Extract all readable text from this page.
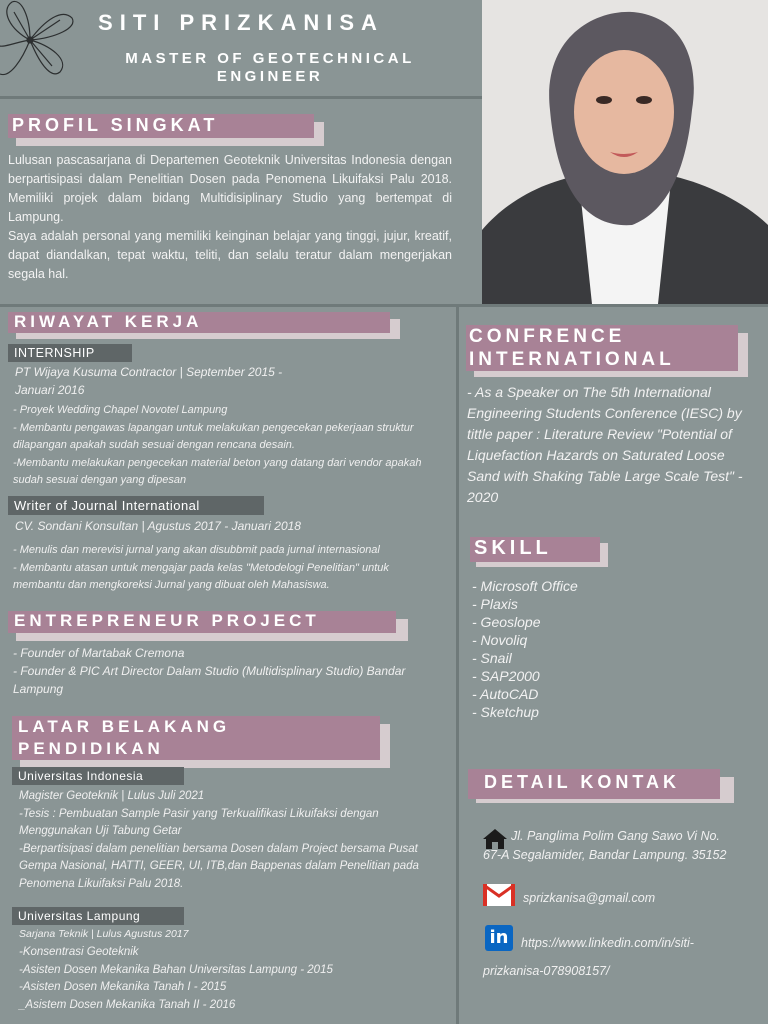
SITI PRIZKANISA
MASTER OF GEOTECHNICAL ENGINEER
PROFIL SINGKAT

Lulusan pascasarjana di Departemen Geoteknik Universitas Indonesia dengan berpartisipasi dalam Penelitian Dosen pada Penomena Likuifaksi Palu 2018. Memiliki projek dalam bidang Multidisiplinary Studio yang bertempat di Lampung.

Saya adalah personal yang memiliki keinginan belajar yang tinggi, jujur, kreatif, dapat diandalkan, tepat waktu, teliti, dan selalu teratur dalam mengerjakan segala hal.

RIWAYAT KERJA
INTERNSHIP
PT Wijaya Kusuma Contractor | September 2015 - Januari 2016
- Proyek Wedding Chapel Novotel Lampung
- Membantu pengawas lapangan untuk melakukan pengecekan pekerjaan struktur dilapangan apakah sudah sesuai dengan rencana desain.
-Membantu melakukan pengecekan material beton yang datang dari vendor apakah sudah sesuai dengan yang dipesan
Writer of Journal International
CV. Sondani Konsultan | Agustus 2017 - Januari 2018
- Menulis dan merevisi jurnal yang akan disubbmit pada jurnal internasional
- Membantu atasan untuk mengajar pada kelas "Metodelogi Penelitian" untuk membantu dan mengkoreksi Jurnal yang dibuat oleh Mahasiswa.
ENTREPRENEUR PROJECT
- Founder of Martabak Cremona
- Founder & PIC Art Director Dalam Studio (Multidisplinary Studio) Bandar Lampung
LATAR BELAKANG
PENDIDIKAN
Universitas Indonesia
Magister Geoteknik | Lulus Juli 2021
-Tesis : Pembuatan Sample Pasir yang Terkualifikasi Likuifaksi dengan Menggunakan Uji Tabung Getar
-Berpartisipasi dalam penelitian bersama Dosen dalam Project bersama Pusat Gempa Nasional, HATTI, GEER, UI, ITB,dan Bappenas dalam Penelitian pada Penomena Likuifaksi Palu 2018.
Universitas Lampung
Sarjana Teknik | Lulus Agustus 2017
-Konsentrasi Geoteknik
-Asisten Dosen Mekanika Bahan Universitas Lampung - 2015
-Asisten Dosen Mekanika Tanah I - 2015
_Asistem Dosen Mekanika Tanah II - 2016
CONFRENCE
INTERNATIONAL
- As a Speaker on The 5th International Engineering Students Conference (IESC) by tittle paper : Literature Review "Potential of Liquefaction Hazards on Saturated Loose Sand with Shaking Table Large Scale Test" - 2020
SKILL
- Microsoft Office
- Plaxis
- Geoslope
- Novoliq
- Snail
- SAP2000
- AutoCAD
- Sketchup
DETAIL KONTAK
Jl. Panglima Polim Gang Sawo Vi No. 67-A Segalamider, Bandar Lampung. 35152
sprizkanisa@gmail.com
in	https://www.linkedin.com/in/siti-prizkanisa-078908157/
